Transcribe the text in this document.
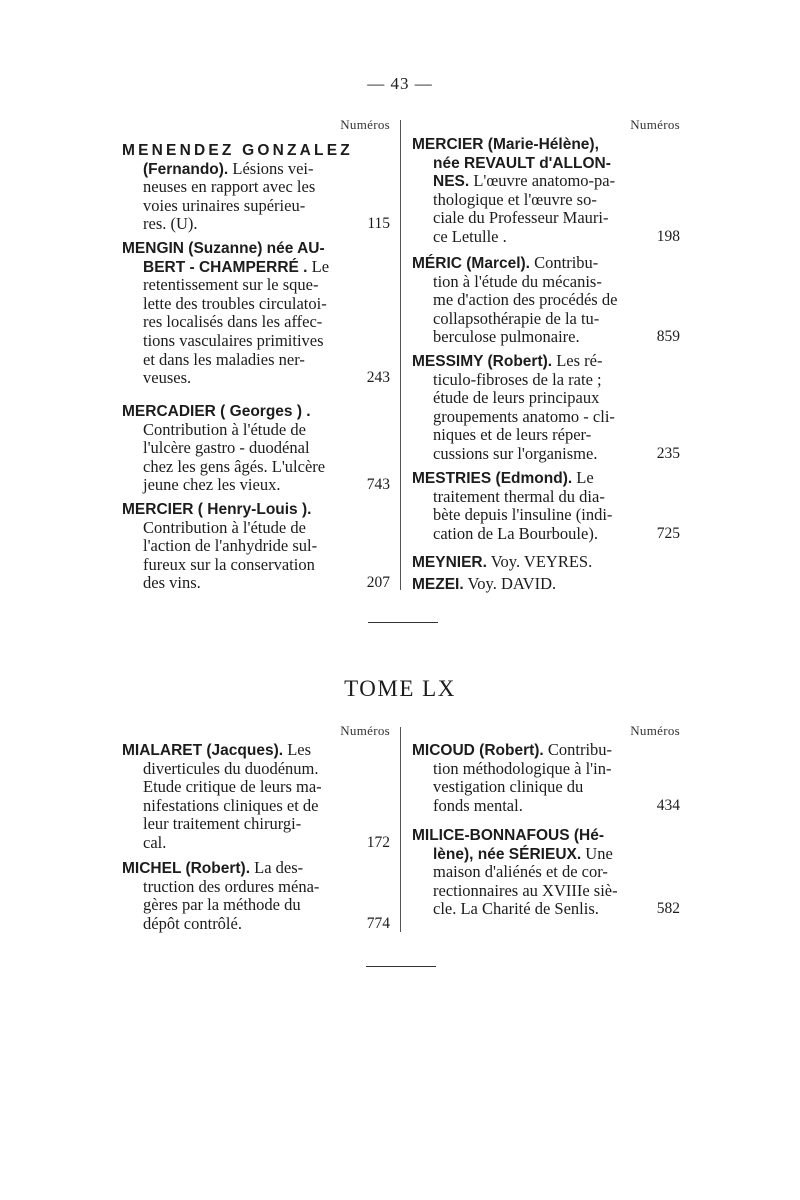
— 43 —
Numéros
MENENDEZ GONZALEZ
(Fernando). Lésions vei-
neuses en rapport avec les
voies urinaires supérieu-
res. (U).	115
MENGIN (Suzanne) née AU-
BERT - CHAMPERRÉ . Le
retentissement sur le sque-
lette des troubles circulatoi-
res localisés dans les affec-
tions vasculaires primitives
et dans les maladies ner-
veuses.	243
MERCADIER ( Georges ) .
Contribution à l'étude de
l'ulcère gastro - duodénal
chez les gens âgés. L'ulcère
jeune chez les vieux.	743
MERCIER ( Henry-Louis ).
Contribution à l'étude de
l'action de l'anhydride sul-
fureux sur la conservation
des vins.	207
Numéros
MERCIER (Marie-Hélène),
née REVAULT d'ALLON-
NES. L'œuvre anatomo-pa-
thologique et l'œuvre so-
ciale du Professeur Mauri-
ce Letulle .	198
MÉRIC (Marcel). Contribu-
tion à l'étude du mécanis-
me d'action des procédés de
collapsothérapie de la tu-
berculose pulmonaire.	859
MESSIMY (Robert). Les ré-
ticulo-fibroses de la rate ;
étude de leurs principaux
groupements anatomo - cli-
niques et de leurs réper-
cussions sur l'organisme.	235
MESTRIES (Edmond). Le
traitement thermal du dia-
bète depuis l'insuline (indi-
cation de La Bourboule).	725
MEYNIER. Voy. VEYRES.
MEZEI. Voy. DAVID.
TOME LX
Numéros
MIALARET (Jacques). Les
diverticules du duodénum.
Etude critique de leurs ma-
nifestations cliniques et de
leur traitement chirurgi-
cal.	172
MICHEL (Robert). La des-
truction des ordures ména-
gères par la méthode du
dépôt contrôlé.	774
Numéros
MICOUD (Robert). Contribu-
tion méthodologique à l'in-
vestigation clinique du
fonds mental.	434
MILICE-BONNAFOUS (Hé-
lène), née SÉRIEUX. Une
maison d'aliénés et de cor-
rectionnaires au XVIIIe siè-
cle. La Charité de Senlis.	582
